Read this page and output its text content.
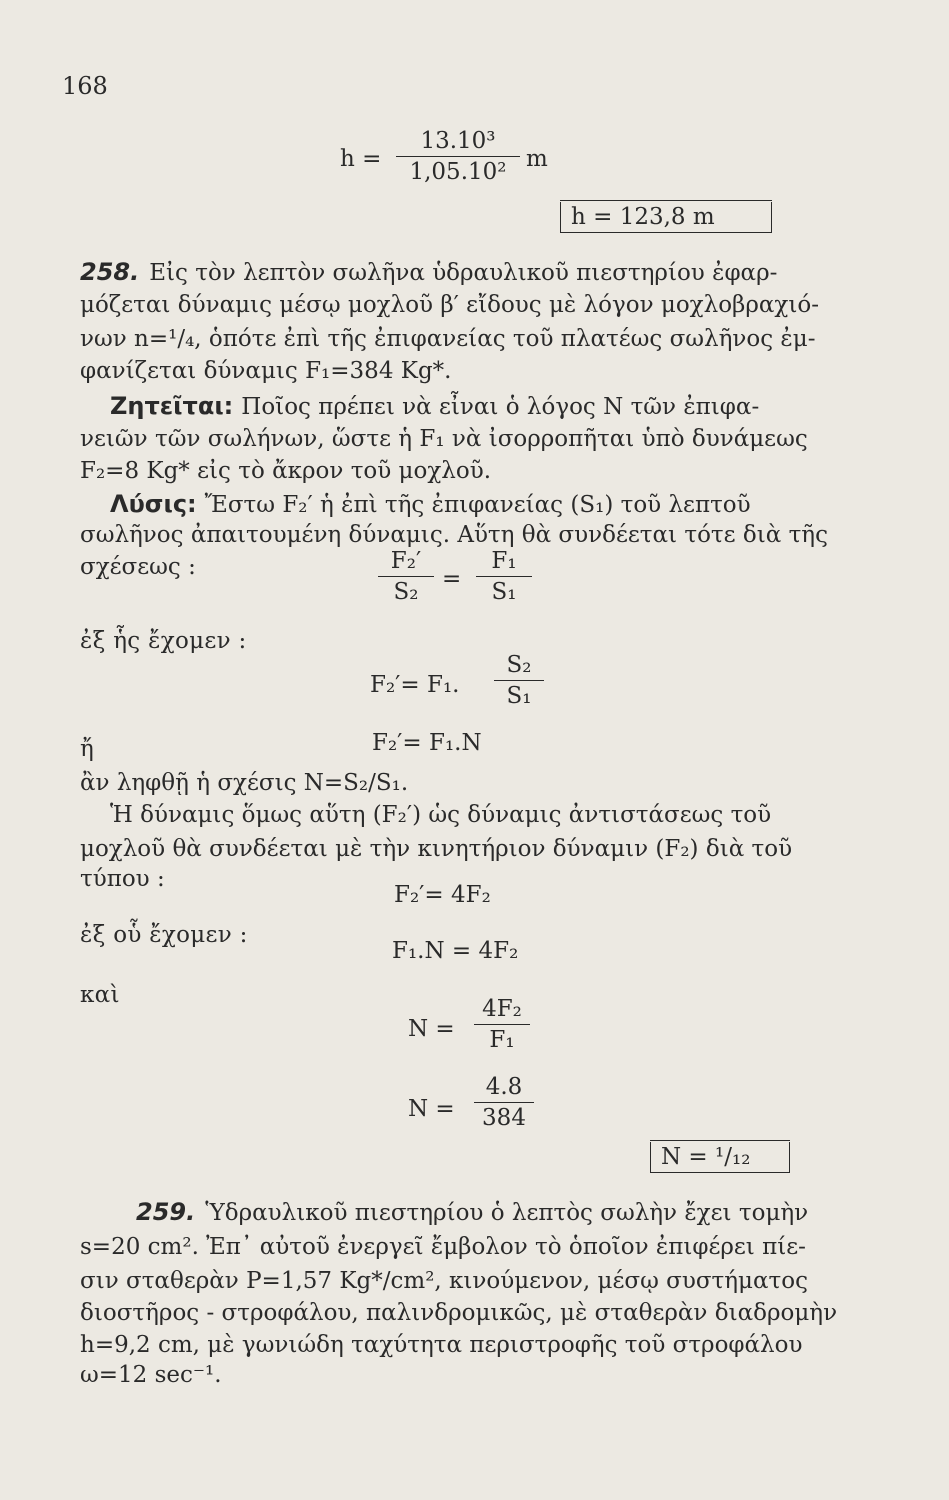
168
$h = \frac{\text{13.10³}}{\text{1,05.10²}}$ m
h = 123,8 m
258. Εἰς τὸν λεπτὸν σωλῆνα ὑδραυλικοῦ πιεστηρίου ἐφαρ-
μόζεται δύναμις μέσῳ μοχλοῦ β′ εἴδους μὲ λόγον μοχλοβραχιό-
νων n=¹/₄, ὁπότε ἐπὶ τῆς ἐπιφανείας τοῦ πλατέως σωλῆνος ἐμ-
φανίζεται δύναμις F₁=384 Kg*.
Ζητεῖται: Ποῖος πρέπει νὰ εἶναι ὁ λόγος N τῶν ἐπιφα-
νειῶν τῶν σωλήνων, ὥστε ἡ F₁ νὰ ἰσορροπῆται ὑπὸ δυνάμεως
F₂=8 Kg* εἰς τὸ ἄκρον τοῦ μοχλοῦ.
Λύσις: Ἔστω F₂′ ἡ ἐπὶ τῆς ἐπιφανείας (S₁) τοῦ λεπτοῦ
σωλῆνος ἀπαιτουμένη δύναμις. Αὕτη θὰ συνδέεται τότε διὰ τῆς
σχέσεως :	$\frac{\text{F₂′}}{\text{S₂}} = \frac{\text{F₁}}{\text{S₁}}$
ἐξ ἧς ἔχομεν :
F₂′= F₁. $\frac{\text{S₂}}{\text{S₁}}$
ἤ	F₂′= F₁.N
ἂν ληφθῇ ἡ σχέσις N=S₂/S₁.
Ἡ δύναμις ὅμως αὕτη (F₂′) ὡς δύναμις ἀντιστάσεως τοῦ
μοχλοῦ θὰ συνδέεται μὲ τὴν κινητήριον δύναμιν (F₂) διὰ τοῦ
τύπου :
F₂′= 4F₂
ἐξ οὗ ἔχομεν :
F₁.N = 4F₂
καὶ
$N = \frac{\text{4F₂}}{\text{F₁}}$
$N = \frac{4.8}{384}$
N = ¹/₁₂
259. Ὑδραυλικοῦ πιεστηρίου ὁ λεπτὸς σωλὴν ἔχει τομὴν
s=20 cm². Ἐπ᾽ αὐτοῦ ἐνεργεῖ ἔμβολον τὸ ὁποῖον ἐπιφέρει πίε-
σιν σταθερὰν P=1,57 Kg*/cm², κινούμενον, μέσῳ συστήματος
διοστῆρος - στροφάλου, παλινδρομικῶς, μὲ σταθερὰν διαδρομὴν
h=9,2 cm, μὲ γωνιώδη ταχύτητα περιστροφῆς τοῦ στροφάλου
ω=12 sec⁻¹.
